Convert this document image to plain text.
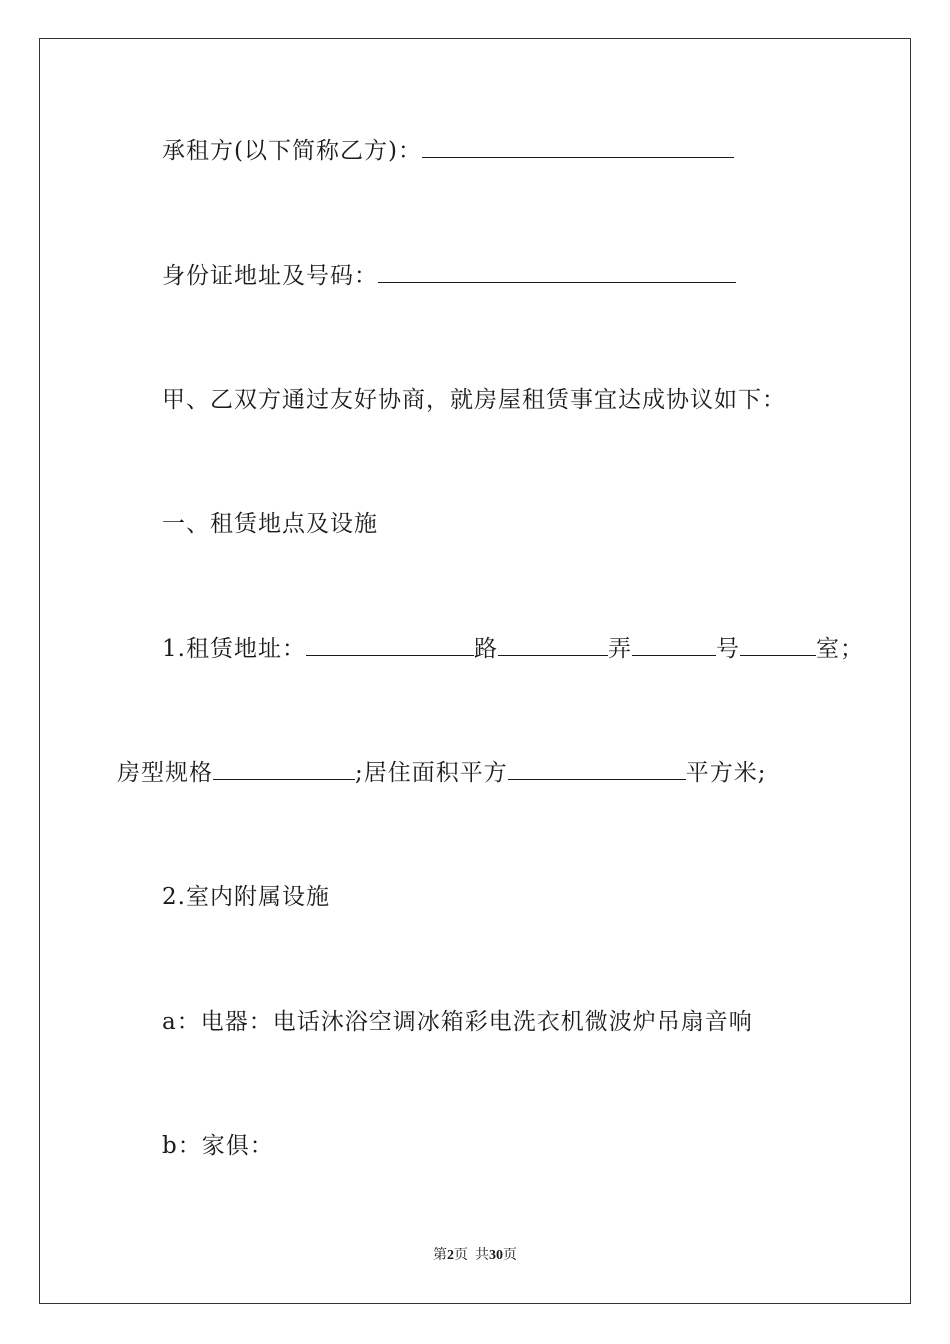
承租方(以下简称乙方)：
身份证地址及号码：
甲、乙双方通过友好协商，就房屋租赁事宜达成协议如下：
一、租赁地点及设施
1.租赁地址：	路	弄	号	室；
房型规格	;居住面积平方	平方米;
2.室内附属设施
a：电器：电话沐浴空调冰箱彩电洗衣机微波炉吊扇音响
b：家俱：
第2页  共30页
